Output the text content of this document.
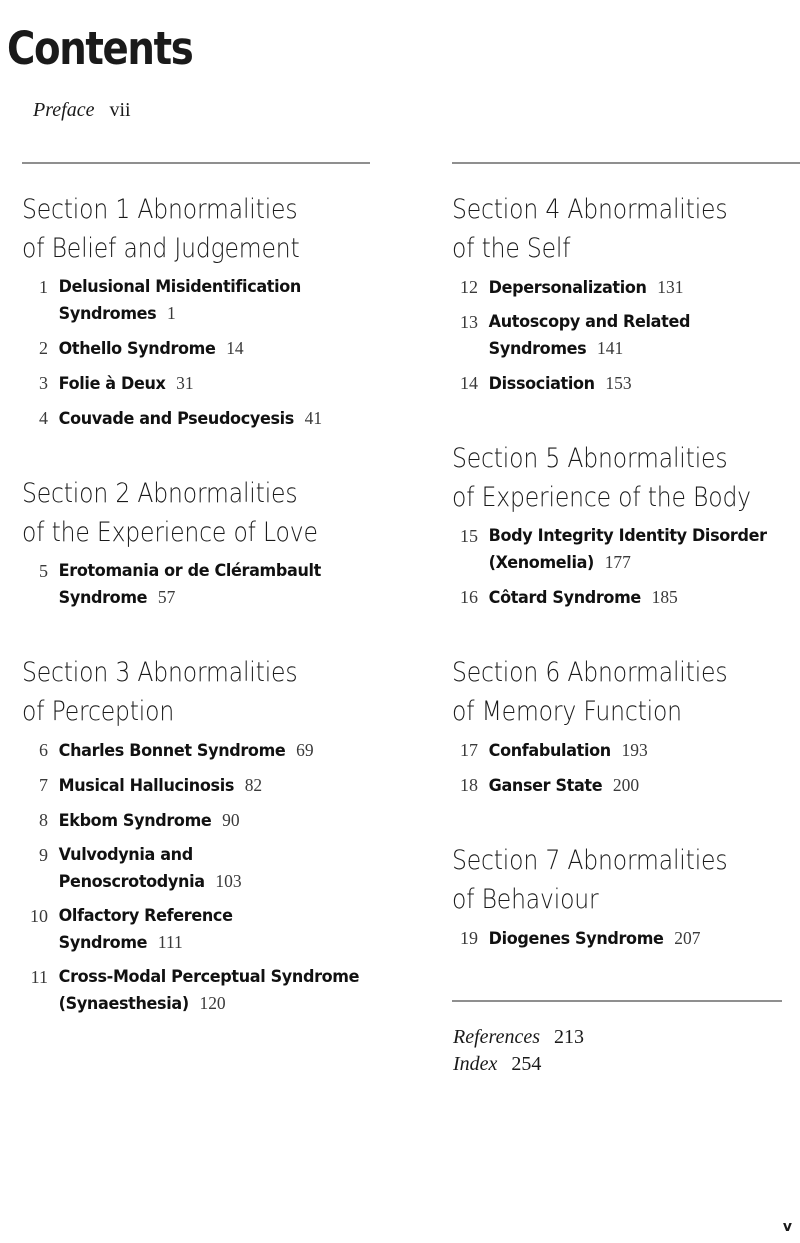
Contents
Preface vii
Section 1 Abnormalities
of Belief and Judgement
1 Delusional Misidentification Syndromes 1
2 Othello Syndrome 14
3 Folie à Deux 31
4 Couvade and Pseudocyesis 41
Section 2 Abnormalities
of the Experience of Love
5 Erotomania or de Clérambault Syndrome 57
Section 3 Abnormalities
of Perception
6 Charles Bonnet Syndrome 69
7 Musical Hallucinosis 82
8 Ekbom Syndrome 90
9 Vulvodynia and Penoscrotodynia 103
10 Olfactory Reference Syndrome 111
11 Cross-Modal Perceptual Syndrome (Synaesthesia) 120
Section 4 Abnormalities
of the Self
12 Depersonalization 131
13 Autoscopy and Related Syndromes 141
14 Dissociation 153
Section 5 Abnormalities
of Experience of the Body
15 Body Integrity Identity Disorder (Xenomelia) 177
16 Côtard Syndrome 185
Section 6 Abnormalities
of Memory Function
17 Confabulation 193
18 Ganser State 200
Section 7 Abnormalities
of Behaviour
19 Diogenes Syndrome 207
References 213
Index 254
v
